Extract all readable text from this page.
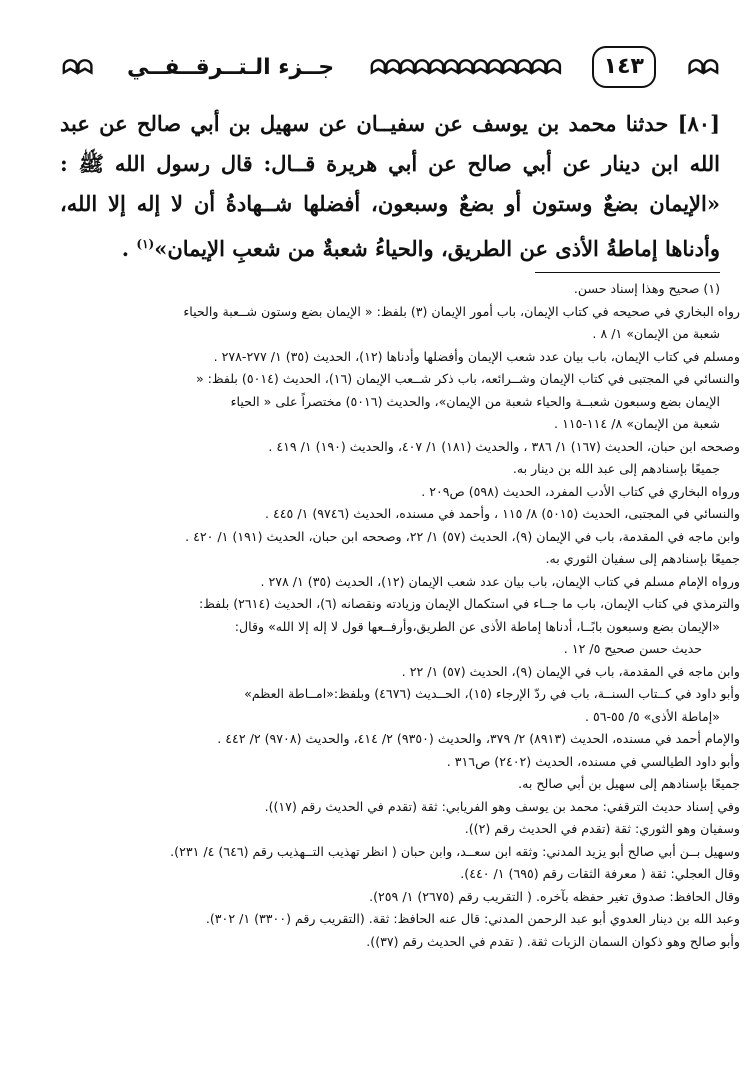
ᗣᗣ جــزء الـتــرقــفــي ᗣᗣᗣᗣᗣᗣᗣᗣᗣᗣᗣᗣᗣ	١٤٣	ᗣᗣ
[٨٠] حدثنا محمد بن يوسف عن سفيــان عن سهيل بن أبي صالح عن عبد الله ابن دينار عن أبي صالح عن أبي هريرة قــال: قال رسول الله ﷺ : «الإيمان بضعٌ وستون أو بضعٌ وسبعون، أفضلها شــهادةُ أن لا إله إلا الله، وأدناها إماطةُ الأذى عن الطريق، والحياءُ شعبةٌ من شعبِ الإيمان»$^{(١)}$ .

(١) صحيح وهذا إسناد حسن.

رواه البخاري في صحيحه في كتاب الإيمان، باب أمور الإيمان (٣) بلفظ: « الإيمان بضع وستون شــعبة والحياء

شعبة من الإيمان» ١/ ٨ .

ومسلم في كتاب الإيمان، باب بيان عدد شعب الإيمان وأفضلها وأدناها (١٢)، الحديث (٣٥) ١/ ٢٧٧-٢٧٨ .

والنسائي في المجتبى في كتاب الإيمان وشــرائعه، باب ذكر شــعب الإيمان (١٦)، الحديث (٥٠١٤) بلفظ: «

الإيمان بضع وسبعون شعبــة والحياء شعبة من الإيمان»، والحديث (٥٠١٦) مختصراً على « الحياء

شعبة من الإيمان» ٨/ ١١٤-١١٥ .

وصححه ابن حبان، الحديث (١٦٧) ١/ ٣٨٦ ، والحديث (١٨١) ١/ ٤٠٧، والحديث (١٩٠) ١/ ٤١٩ .

جميعًا بإسنادهم إلى عبد الله بن دينار به.

ورواه البخاري في كتاب الأدب المفرد، الحديث (٥٩٨) ص٢٠٩ .

والنسائي في المجتبى، الحديث (٥٠١٥) ٨/ ١١٥ ، وأحمد في مسنده، الحديث (٩٧٤٦) ١/ ٤٤٥ .

وابن ماجه في المقدمة، باب في الإيمان (٩)، الحديث (٥٧) ١/ ٢٢، وصححه ابن حبان، الحديث (١٩١) ١/ ٤٢٠ .

جميعًا بإسنادهم إلى سفيان الثوري به.

ورواه الإمام مسلم في كتاب الإيمان، باب بيان عدد شعب الإيمان (١٢)، الحديث (٣٥) ١/ ٢٧٨ .

والترمذي في كتاب الإيمان، باب ما جــاء في استكمال الإيمان وزيادته ونقصانه (٦)، الحديث (٢٦١٤) بلفظ:

«الإيمان بضع وسبعون بابًــا، أدناها إماطة الأذى عن الطريق،وأرفــعها قول لا إله إلا الله» وقال:

حديث حسن صحيح ٥/ ١٢ .

وابن ماجه في المقدمة، باب في الإيمان (٩)، الحديث (٥٧) ١/ ٢٢ .

وأبو داود في كــتاب السنــة، باب في ردّ الإرجاء (١٥)، الحــديث (٤٦٧٦) وبلفظ:«امــاطة العظم»

«إماطة الأذى» ٥/ ٥٥-٥٦ .

والإمام أحمد في مسنده، الحديث (٨٩١٣) ٢/ ٣٧٩، والحديث (٩٣٥٠) ٢/ ٤١٤، والحديث (٩٧٠٨) ٢/ ٤٤٢ .

وأبو داود الطيالسي في مسنده، الحديث (٢٤٠٢) ص٣١٦ .

جميعًا بإسنادهم إلى سهيل بن أبي صالح به.

وفي إسناد حديث الترقفي: محمد بن يوسف وهو الفريابي: ثقة (تقدم في الحديث رقم (١٧)).

وسفيان وهو الثوري: ثقة (تقدم في الحديث رقم (٢)).

وسهيل بــن أبي صالح أبو يزيد المدني: وثقه ابن سعــد، وابن حبان ( انظر تهذيب التــهذيب رقم (٦٤٦) ٤/ ٢٣١).

وقال العجلي: ثقة ( معرفة الثقات رقم (٦٩٥) ١/ ٤٤٠).

وقال الحافظ: صدوق تغير حفظه بآخره. ( التقريب رقم (٢٦٧٥) ١/ ٢٥٩).

وعبد الله بن دينار العدوي أبو عبد الرحمن المدني: قال عنه الحافظ: ثقة. (التقريب رقم (٣٣٠٠) ١/ ٣٠٢).

وأبو صالح وهو ذكوان السمان الزيات ثقة. ( تقدم في الحديث رقم (٣٧)).
